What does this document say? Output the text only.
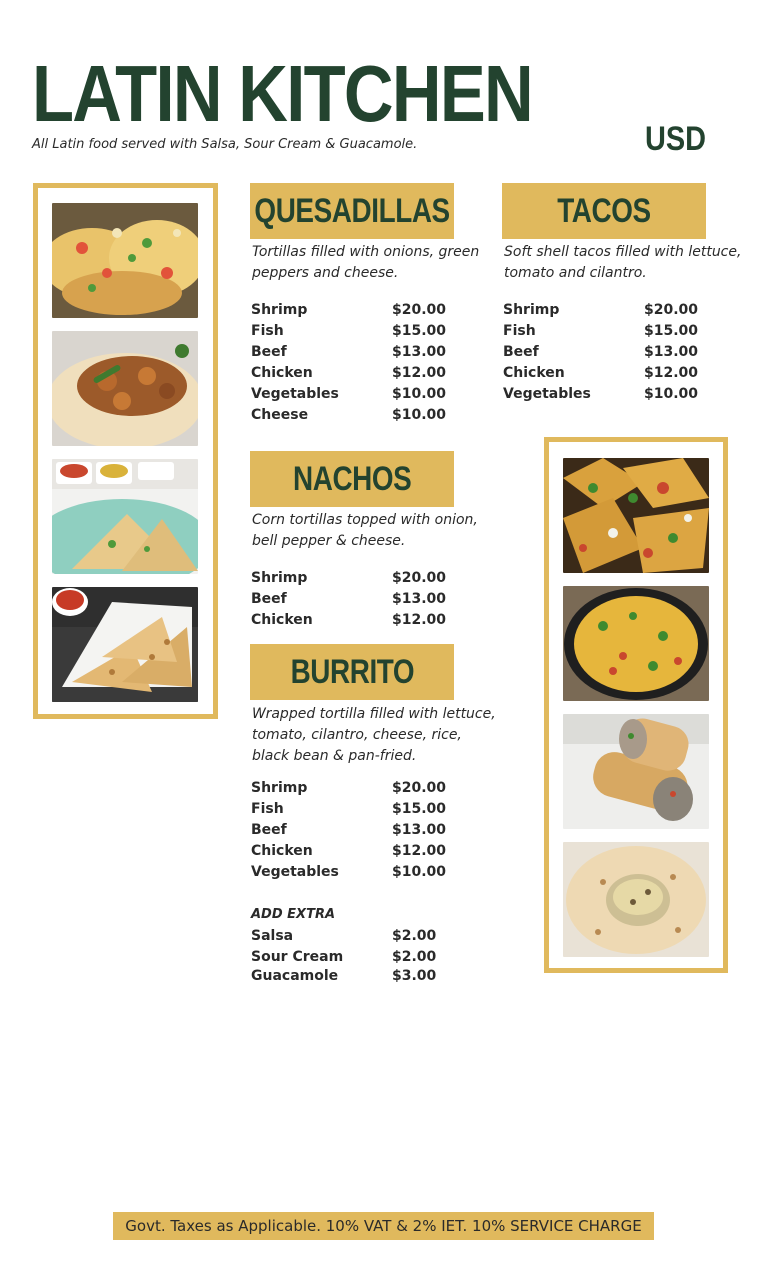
LATIN KITCHEN
All Latin food served with Salsa, Sour Cream & Guacamole.	USD
QUESADILLAS
Tortillas filled with onions, green peppers and cheese.
Shrimp	$20.00
Fish	$15.00
Beef	$13.00
Chicken	$12.00
Vegetables	$10.00
Cheese	$10.00
TACOS
Soft shell tacos filled with lettuce, tomato and cilantro.
Shrimp	$20.00
Fish	$15.00
Beef	$13.00
Chicken	$12.00
Vegetables	$10.00
NACHOS
Corn tortillas topped with onion, bell pepper & cheese.
Shrimp	$20.00
Beef	$13.00
Chicken	$12.00
BURRITO
Wrapped tortilla filled with lettuce, tomato, cilantro, cheese, rice, black bean & pan-fried.
Shrimp	$20.00
Fish	$15.00
Beef	$13.00
Chicken	$12.00
Vegetables	$10.00
ADD EXTRA
Salsa	$2.00
Sour Cream	$2.00
Guacamole	$3.00
Govt. Taxes as Applicable. 10% VAT & 2% IET. 10% SERVICE CHARGE
